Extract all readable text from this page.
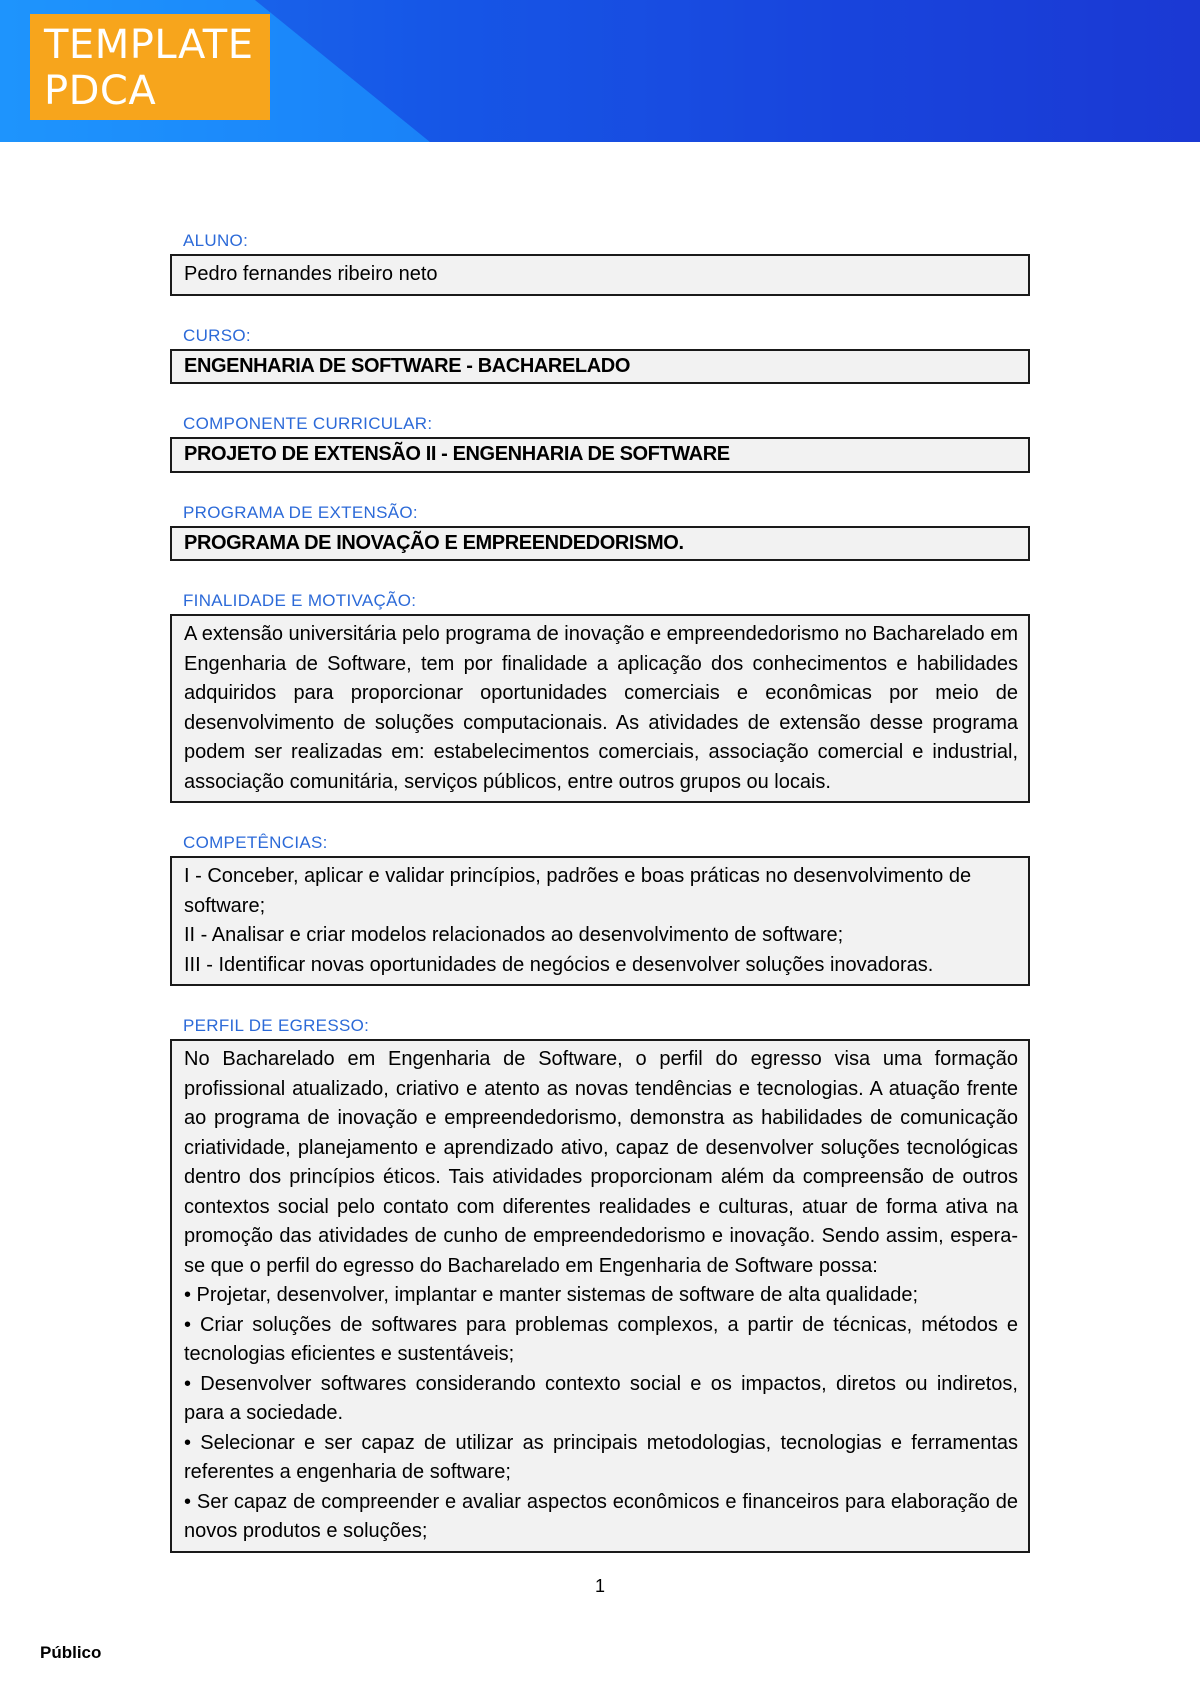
TEMPLATE
PDCA
ALUNO:
Pedro fernandes ribeiro neto
CURSO:
ENGENHARIA DE SOFTWARE - BACHARELADO
COMPONENTE CURRICULAR:
PROJETO DE EXTENSÃO II - ENGENHARIA DE SOFTWARE
PROGRAMA DE EXTENSÃO:
PROGRAMA DE INOVAÇÃO E EMPREENDEDORISMO.
FINALIDADE E MOTIVAÇÃO:

A extensão universitária pelo programa de inovação e empreendedorismo no Bacharelado em Engenharia de Software, tem por finalidade a aplicação dos conhecimentos e habilidades adquiridos para proporcionar oportunidades comerciais e econômicas por meio de desenvolvimento de soluções computacionais. As atividades de extensão desse programa podem ser realizadas em: estabelecimentos comerciais, associação comercial e industrial, associação comunitária, serviços públicos, entre outros grupos ou locais.

COMPETÊNCIAS:
I - Conceber, aplicar e validar princípios, padrões e boas práticas no desenvolvimento de software;
II - Analisar e criar modelos relacionados ao desenvolvimento de software;
III - Identificar novas oportunidades de negócios e desenvolver soluções inovadoras.
PERFIL DE EGRESSO:

No Bacharelado em Engenharia de Software, o perfil do egresso visa uma formação profissional atualizado, criativo e atento as novas tendências e tecnologias. A atuação frente ao programa de inovação e empreendedorismo, demonstra as habilidades de comunicação criatividade, planejamento e aprendizado ativo, capaz de desenvolver soluções tecnológicas dentro dos princípios éticos. Tais atividades proporcionam além da compreensão de outros contextos social pelo contato com diferentes realidades e culturas, atuar de forma ativa na promoção das atividades de cunho de empreendedorismo e inovação. Sendo assim, espera-se que o perfil do egresso do Bacharelado em Engenharia de Software possa:

• Projetar, desenvolver, implantar e manter sistemas de software de alta qualidade;

• Criar soluções de softwares para problemas complexos, a partir de técnicas, métodos e tecnologias eficientes e sustentáveis;

• Desenvolver softwares considerando contexto social e os impactos, diretos ou indiretos, para a sociedade.

• Selecionar e ser capaz de utilizar as principais metodologias, tecnologias e ferramentas referentes a engenharia de software;

• Ser capaz de compreender e avaliar aspectos econômicos e financeiros para elaboração de novos produtos e soluções;

1
Público
